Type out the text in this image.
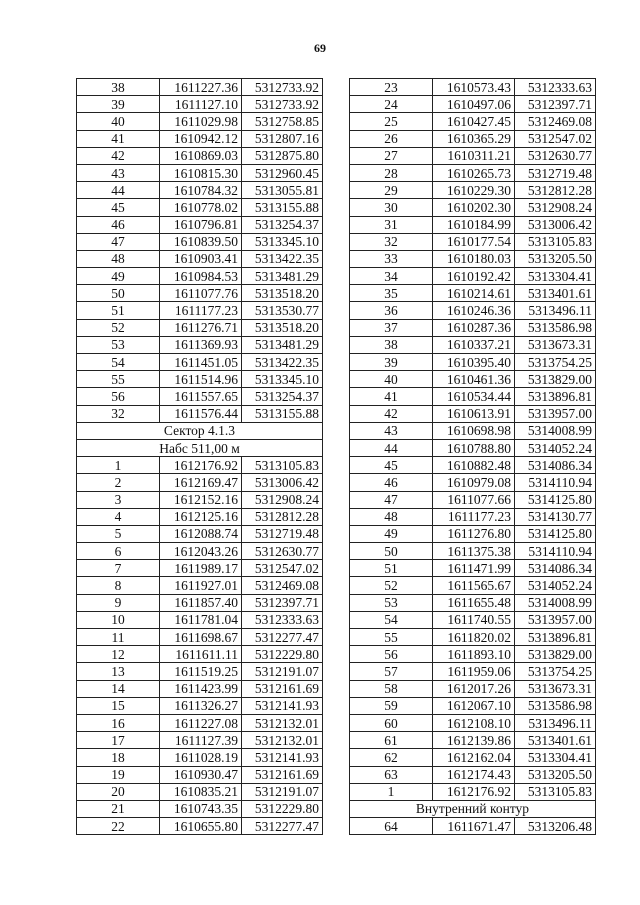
69
38	1611227.36	5312733.92
39	1611127.10	5312733.92
40	1611029.98	5312758.85
41	1610942.12	5312807.16
42	1610869.03	5312875.80
43	1610815.30	5312960.45
44	1610784.32	5313055.81
45	1610778.02	5313155.88
46	1610796.81	5313254.37
47	1610839.50	5313345.10
48	1610903.41	5313422.35
49	1610984.53	5313481.29
50	1611077.76	5313518.20
51	1611177.23	5313530.77
52	1611276.71	5313518.20
53	1611369.93	5313481.29
54	1611451.05	5313422.35
55	1611514.96	5313345.10
56	1611557.65	5313254.37
32	1611576.44	5313155.88
Сектор 4.1.3		
Набс 511,00 м		
1	1612176.92	5313105.83
2	1612169.47	5313006.42
3	1612152.16	5312908.24
4	1612125.16	5312812.28
5	1612088.74	5312719.48
6	1612043.26	5312630.77
7	1611989.17	5312547.02
8	1611927.01	5312469.08
9	1611857.40	5312397.71
10	1611781.04	5312333.63
11	1611698.67	5312277.47
12	1611611.11	5312229.80
13	1611519.25	5312191.07
14	1611423.99	5312161.69
15	1611326.27	5312141.93
16	1611227.08	5312132.01
17	1611127.39	5312132.01
18	1611028.19	5312141.93
19	1610930.47	5312161.69
20	1610835.21	5312191.07
21	1610743.35	5312229.80
22	1610655.80	5312277.47
23	1610573.43	5312333.63
24	1610497.06	5312397.71
25	1610427.45	5312469.08
26	1610365.29	5312547.02
27	1610311.21	5312630.77
28	1610265.73	5312719.48
29	1610229.30	5312812.28
30	1610202.30	5312908.24
31	1610184.99	5313006.42
32	1610177.54	5313105.83
33	1610180.03	5313205.50
34	1610192.42	5313304.41
35	1610214.61	5313401.61
36	1610246.36	5313496.11
37	1610287.36	5313586.98
38	1610337.21	5313673.31
39	1610395.40	5313754.25
40	1610461.36	5313829.00
41	1610534.44	5313896.81
42	1610613.91	5313957.00
43	1610698.98	5314008.99
44	1610788.80	5314052.24
45	1610882.48	5314086.34
46	1610979.08	5314110.94
47	1611077.66	5314125.80
48	1611177.23	5314130.77
49	1611276.80	5314125.80
50	1611375.38	5314110.94
51	1611471.99	5314086.34
52	1611565.67	5314052.24
53	1611655.48	5314008.99
54	1611740.55	5313957.00
55	1611820.02	5313896.81
56	1611893.10	5313829.00
57	1611959.06	5313754.25
58	1612017.26	5313673.31
59	1612067.10	5313586.98
60	1612108.10	5313496.11
61	1612139.86	5313401.61
62	1612162.04	5313304.41
63	1612174.43	5313205.50
1	1612176.92	5313105.83
Внутренний контур		
64	1611671.47	5313206.48
